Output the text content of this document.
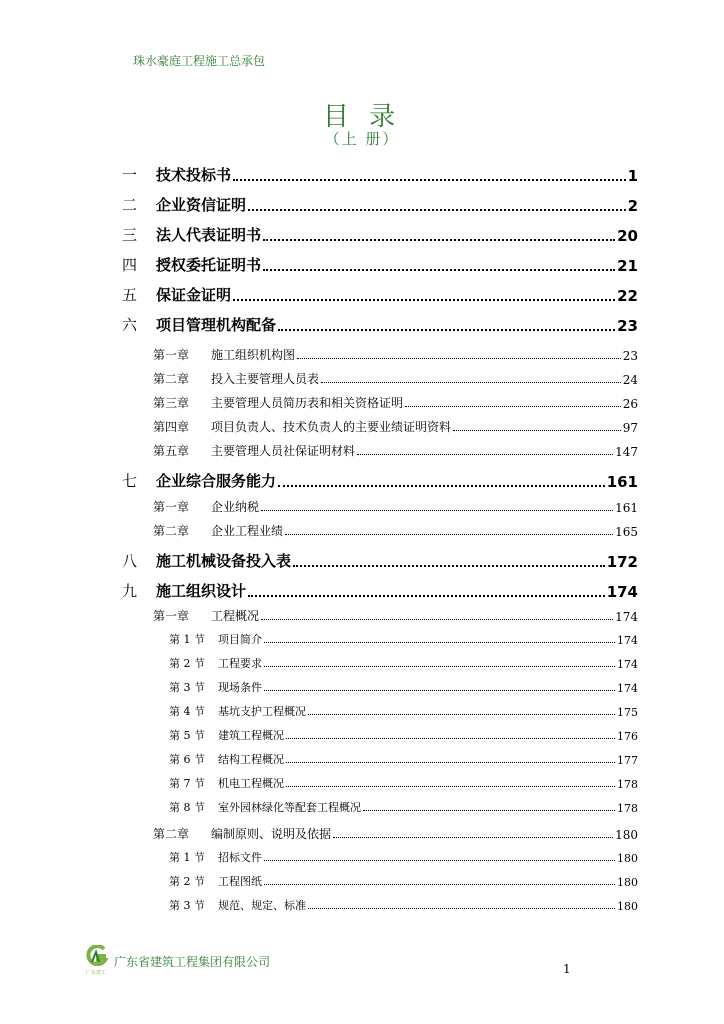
珠水豪庭工程施工总承包
目 录
（上 册）
一	技术投标书	1
二	企业资信证明	2
三	法人代表证明书	20
四	授权委托证明书	21
五	保证金证明	22
六	项目管理机构配备	23
第一章	施工组织机构图	23
第二章	投入主要管理人员表	24
第三章	主要管理人员简历表和相关资格证明	26
第四章	项目负责人、技术负责人的主要业绩证明资料	97
第五章	主要管理人员社保证明材料	147
七	企业综合服务能力	161
第一章	企业纳税	161
第二章	企业工程业绩	165
八	施工机械设备投入表	172
九	施工组织设计	174
第一章	工程概况	174
第 1 节	项目简介	174
第 2 节	工程要求	174
第 3 节	现场条件	174
第 4 节	基坑支护工程概况	175
第 5 节	建筑工程概况	176
第 6 节	结构工程概况	177
第 7 节	机电工程概况	178
第 8 节	室外园林绿化等配套工程概况	178
第二章	编制原则、说明及依据	180
第 1 节	招标文件	180
第 2 节	工程图纸	180
第 3 节	规范、规定、标准	180
广东建工
广东省建筑工程集团有限公司	1
